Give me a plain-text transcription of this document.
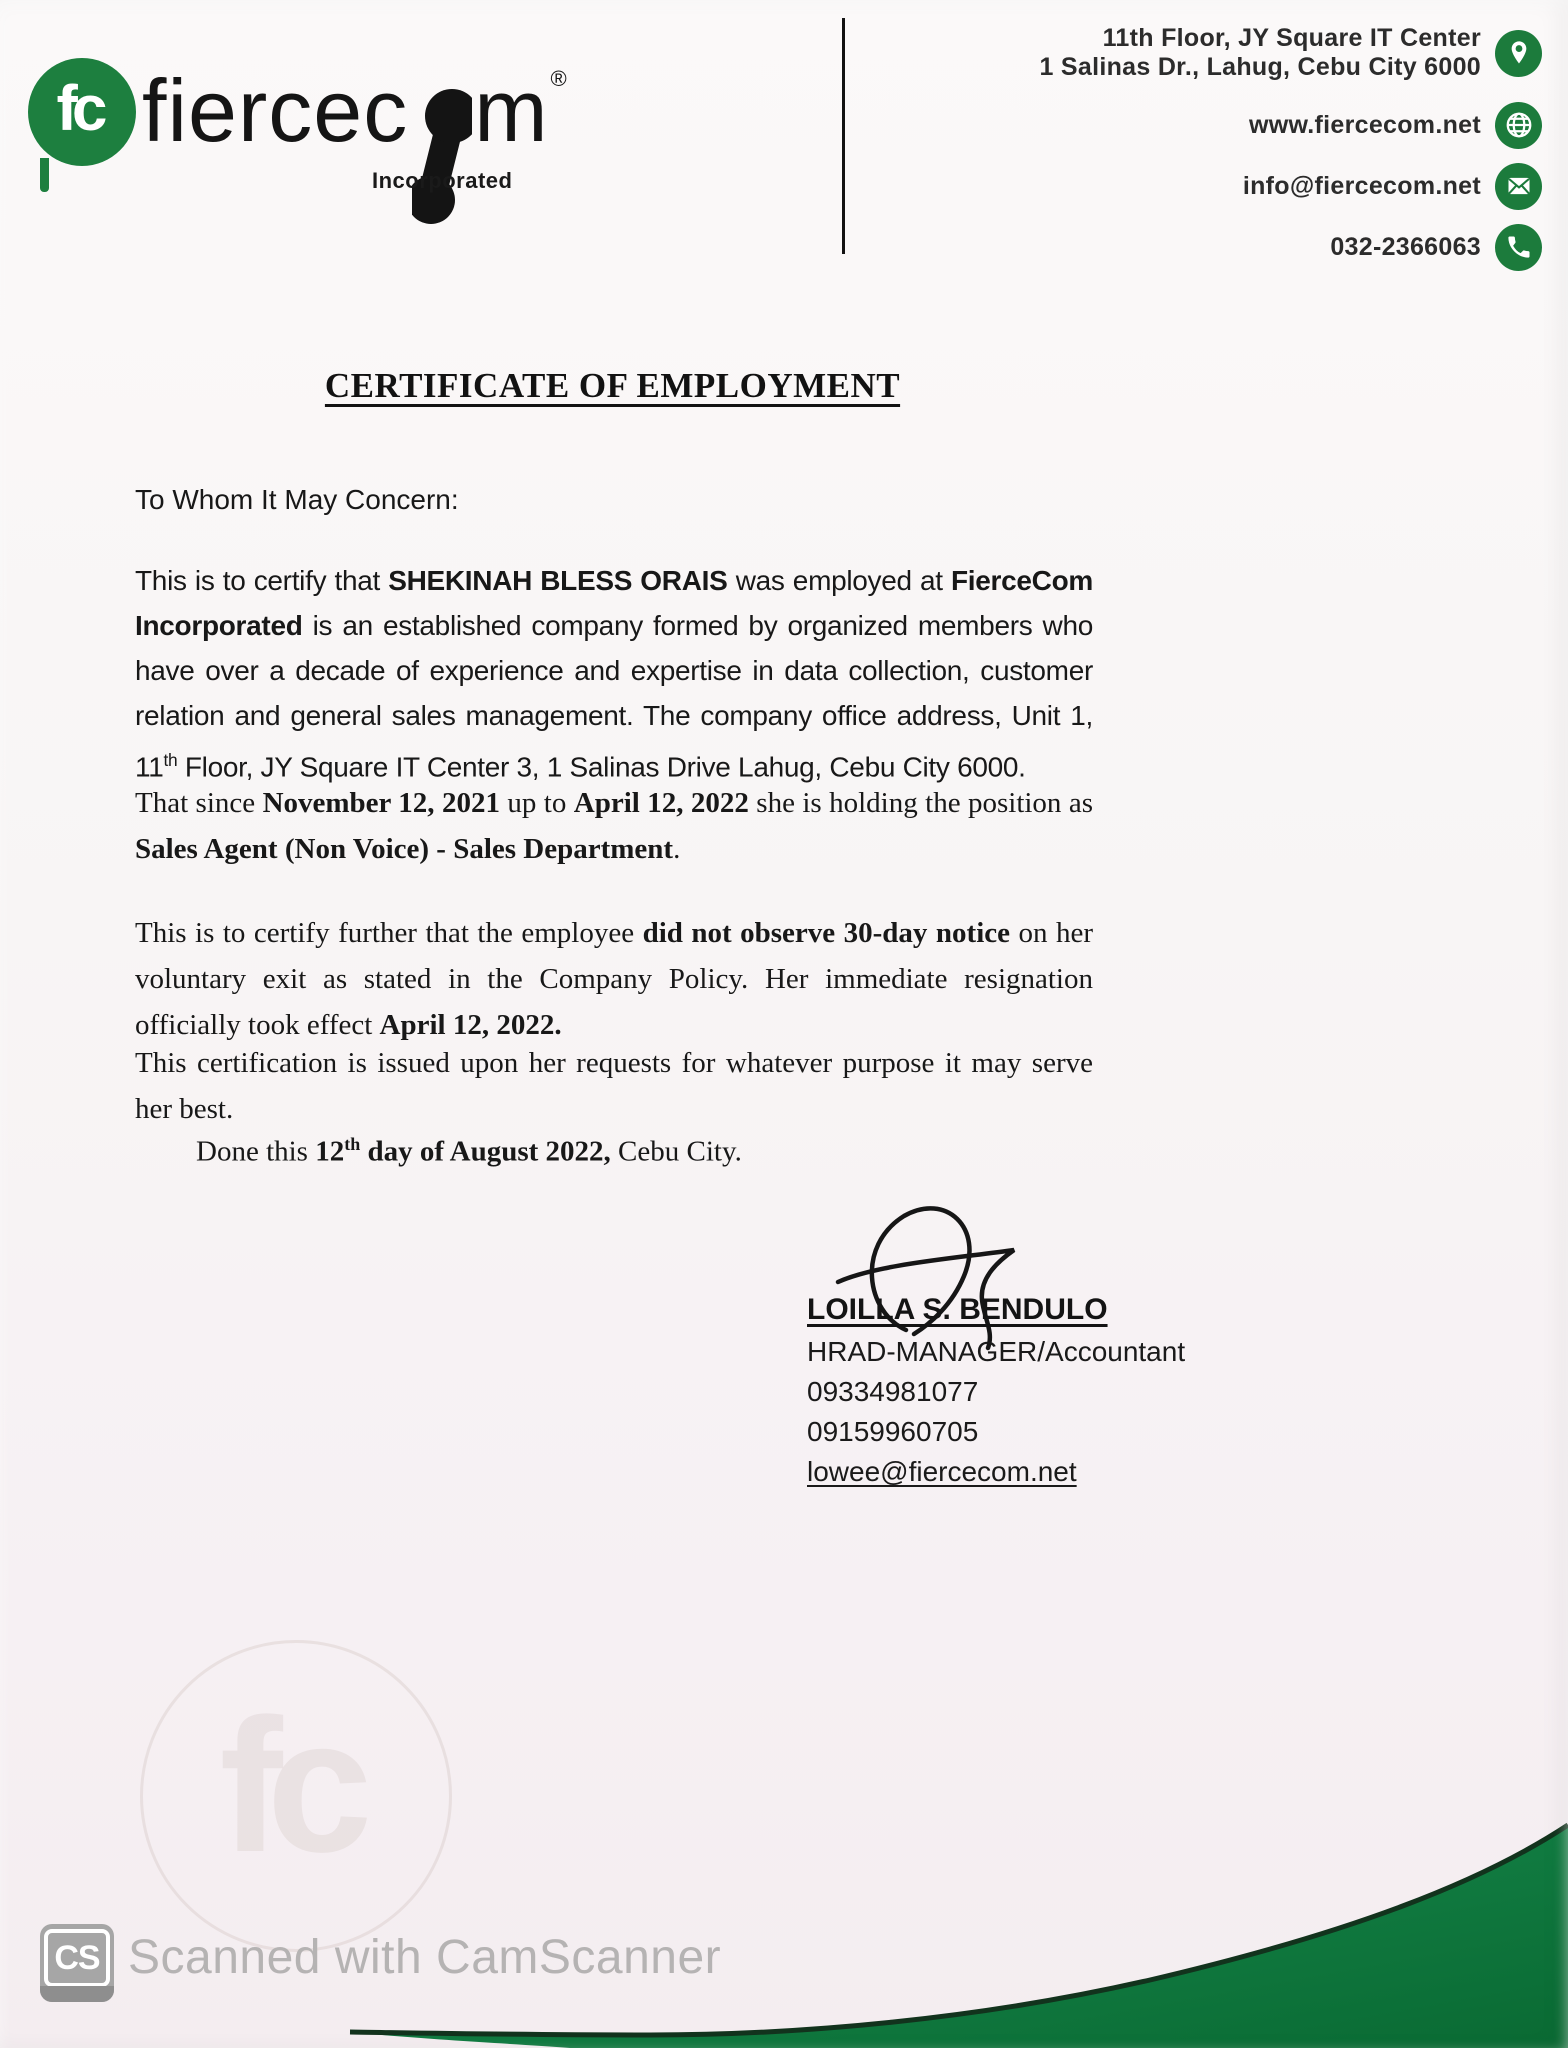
fc
fc fiercec m ®
Incorporated
11th Floor, JY Square IT Center
1 Salinas Dr., Lahug, Cebu City 6000
www.fiercecom.net
info@fiercecom.net
032-2366063
CERTIFICATE OF EMPLOYMENT
To Whom It May Concern:
This is to certify that SHEKINAH BLESS ORAIS was employed at FierceCom Incorporated is an established company formed by organized members who have over a decade of experience and expertise in data collection, customer relation and general sales management. The company office address, Unit 1, 11th Floor, JY Square IT Center 3, 1 Salinas Drive Lahug, Cebu City 6000.
That since November 12, 2021 up to April 12, 2022 she is holding the position as Sales Agent (Non Voice) - Sales Department.
This is to certify further that the employee did not observe 30-day notice on her voluntary exit as stated in the Company Policy. Her immediate resignation officially took effect April 12, 2022.
This certification is issued upon her requests for whatever purpose it may serve her best.
Done this 12th day of August 2022, Cebu City.
LOILLA S. BENDULO
HRAD-MANAGER/Accountant
09334981077
09159960705
lowee@fiercecom.net
CS Scanned with CamScanner
